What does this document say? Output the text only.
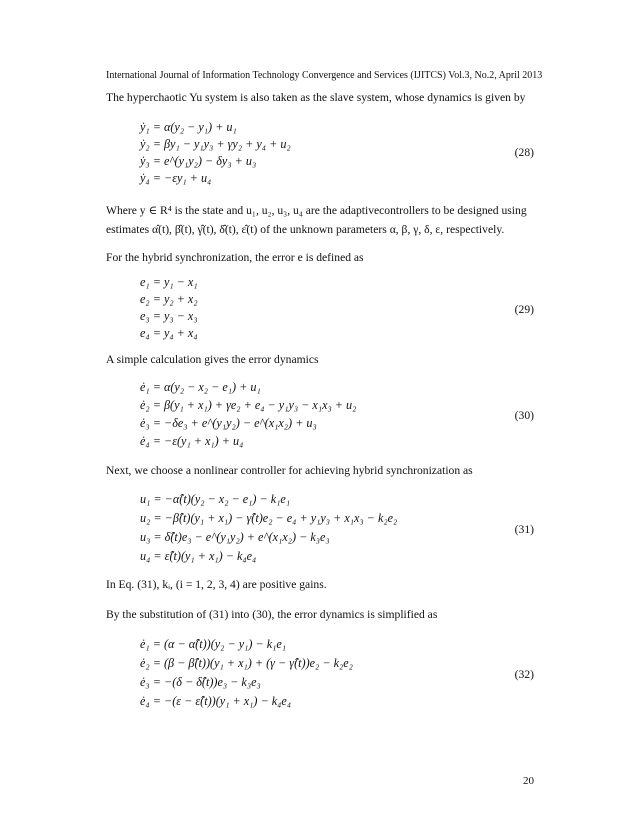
International Journal of Information Technology Convergence and Services (IJITCS) Vol.3, No.2, April 2013
The hyperchaotic Yu system is also taken as the slave system, whose dynamics is given by
ẏ₁ = α(y₂ − y₁) + u₁
ẏ₂ = βy₁ − y₁y₃ + γy₂ + y₄ + u₂
ẏ₃ = e^(y₁y₂) − δy₃ + u₃
ẏ₄ = −εy₁ + u₄
(28)
Where y ∈ R⁴ is the state and u₁, u₂, u₃, u₄ are the adaptivecontrollers to be designed using
estimates α̂(t), β̂(t), γ̂(t), δ̂(t), ε̂(t) of the unknown parameters α, β, γ, δ, ε, respectively.
For the hybrid synchronization, the error e is defined as
e₁ = y₁ − x₁
e₂ = y₂ + x₂
e₃ = y₃ − x₃
e₄ = y₄ + x₄
(29)
A simple calculation gives the error dynamics
ė₁ = α(y₂ − x₂ − e₁) + u₁
ė₂ = β(y₁ + x₁) + γe₂ + e₄ − y₁y₃ − x₁x₃ + u₂
ė₃ = −δe₃ + e^(y₁y₂) − e^(x₁x₂) + u₃
ė₄ = −ε(y₁ + x₁) + u₄
(30)
Next, we choose a nonlinear controller for achieving hybrid synchronization as
u₁ = −α̂(t)(y₂ − x₂ − e₁) − k₁e₁
u₂ = −β̂(t)(y₁ + x₁) − γ̂(t)e₂ − e₄ + y₁y₃ + x₁x₃ − k₂e₂
u₃ = δ̂(t)e₃ − e^(y₁y₂) + e^(x₁x₂) − k₃e₃
u₄ = ε̂(t)(y₁ + x₁) − k₄e₄
(31)
In Eq. (31), kᵢ, (i = 1, 2, 3, 4) are positive gains.
By the substitution of (31) into (30), the error dynamics is simplified as
ė₁ = (α − α̂(t))(y₂ − y₁) − k₁e₁
ė₂ = (β − β̂(t))(y₁ + x₁) + (γ − γ̂(t))e₂ − k₂e₂
ė₃ = −(δ − δ̂(t))e₃ − k₃e₃
ė₄ = −(ε − ε̂(t))(y₁ + x₁) − k₄e₄
(32)
20
